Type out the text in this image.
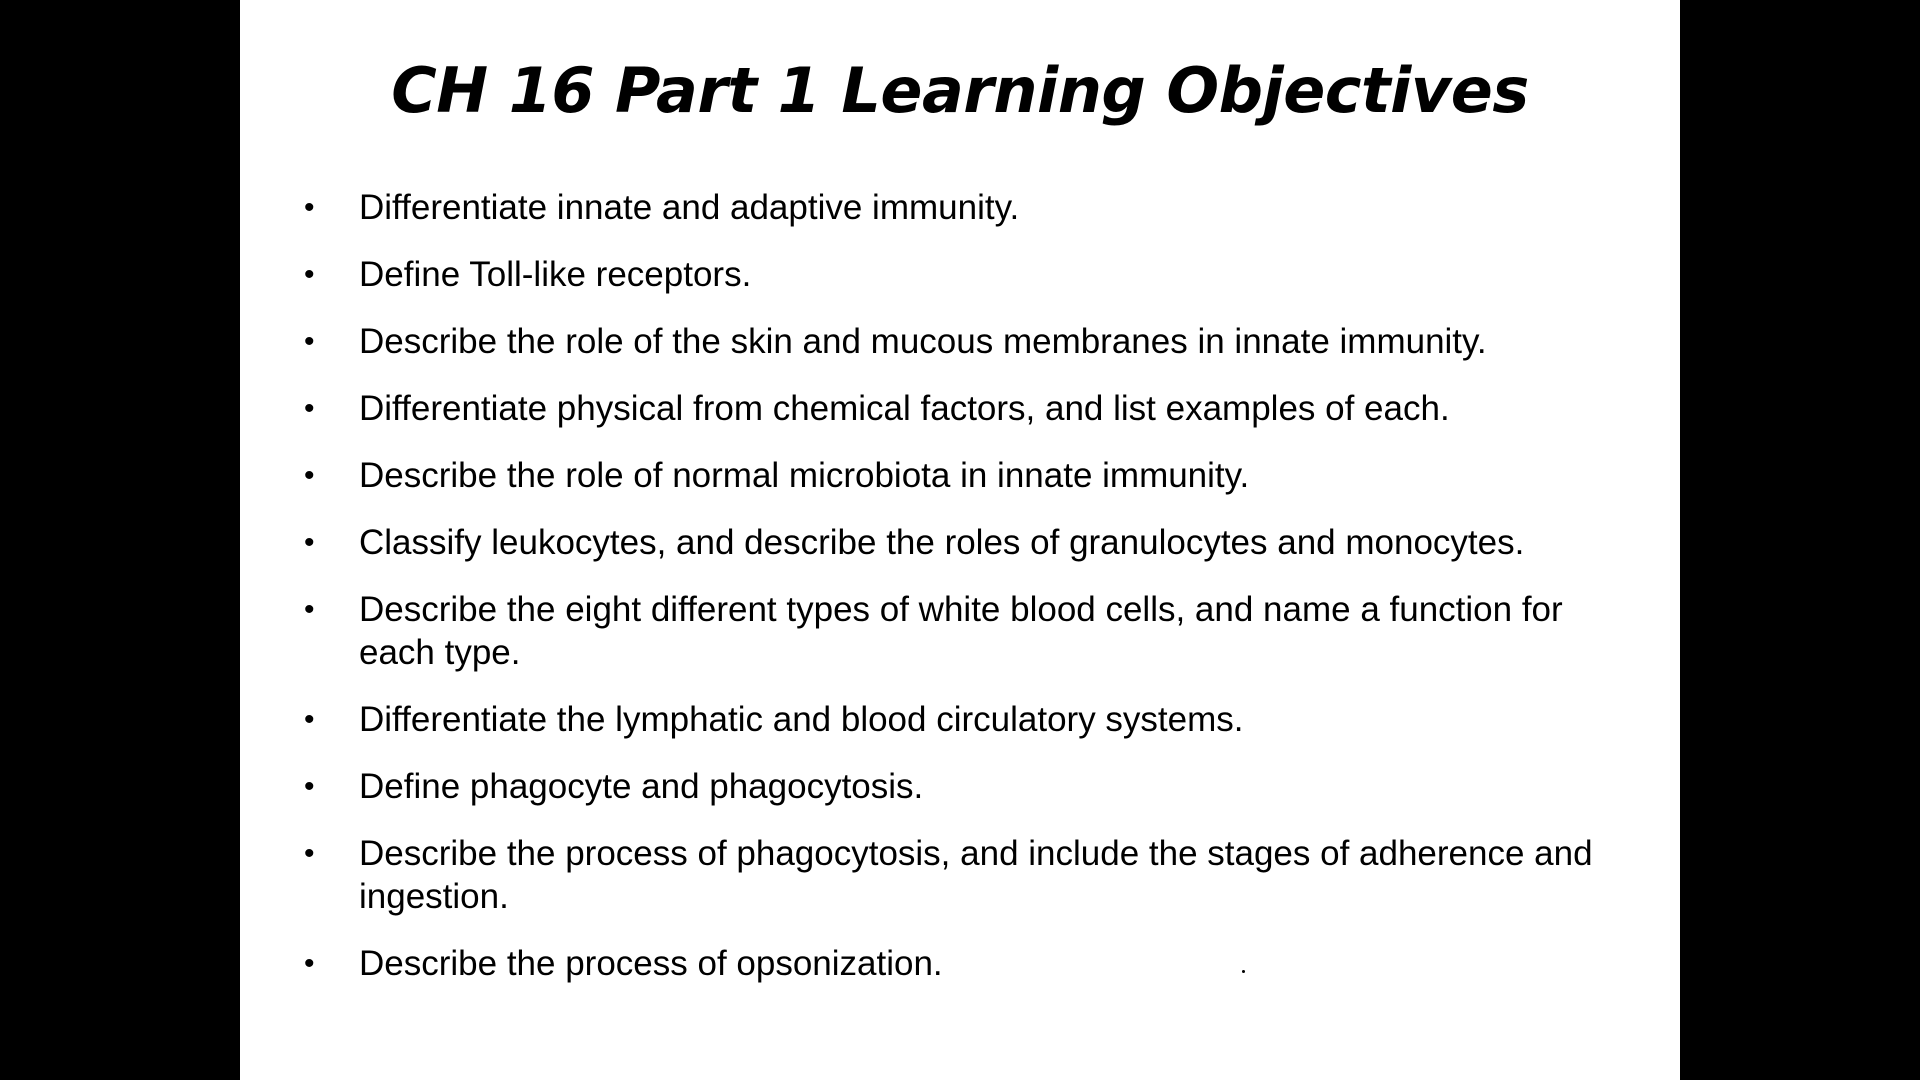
CH 16 Part 1 Learning Objectives
•	Differentiate innate and adaptive immunity.
•	Define Toll-like receptors.
•	Describe the role of the skin and mucous membranes in innate immunity.
•	Differentiate physical from chemical factors, and list examples of each.
•	Describe the role of normal microbiota in innate immunity.
•	Classify leukocytes, and describe the roles of granulocytes and monocytes.
•	Describe the eight different types of white blood cells, and name a function for each type.
•	Differentiate the lymphatic and blood circulatory systems.
•	Define phagocyte and phagocytosis.
•	Describe the process of phagocytosis, and include the stages of adherence and ingestion.
•	Describe the process of opsonization.
